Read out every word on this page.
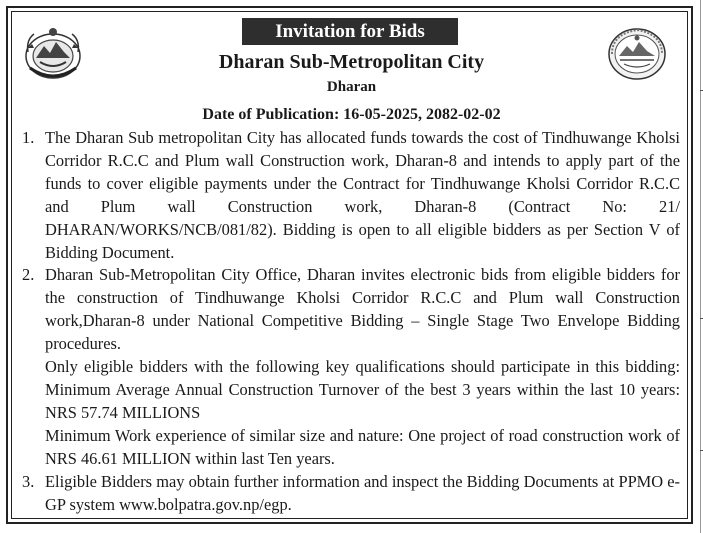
Invitation for Bids
Dharan Sub-Metropolitan City
Dharan
Date of Publication: 16-05-2025, 2082-02-02
1. The Dharan Sub metropolitan City has allocated funds towards the cost of Tindhuwange Kholsi Corridor R.C.C and Plum wall Construction work, Dharan-8 and intends to apply part of the funds to cover eligible payments under the Contract for Tindhuwange Kholsi Corridor R.C.C and Plum wall Construction work, Dharan-8 (Contract No: 21/ DHARAN/WORKS/NCB/081/82). Bidding is open to all eligible bidders as per Section V of Bidding Document.

2. Dharan Sub-Metropolitan City Office, Dharan invites electronic bids from eligible bidders for the construction of Tindhuwange Kholsi Corridor R.C.C and Plum wall Construction work,Dharan-8 under National Competitive Bidding – Single Stage Two Envelope Bidding procedures.

Only eligible bidders with the following key qualifications should participate in this bidding: Minimum Average Annual Construction Turnover of the best 3 years within the last 10 years: NRS 57.74 MILLIONS

Minimum Work experience of similar size and nature: One project of road construction work of NRS 46.61 MILLION within last Ten years.

3. Eligible Bidders may obtain further information and inspect the Bidding Documents at PPMO e-GP system www.bolpatra.gov.np/egp.
